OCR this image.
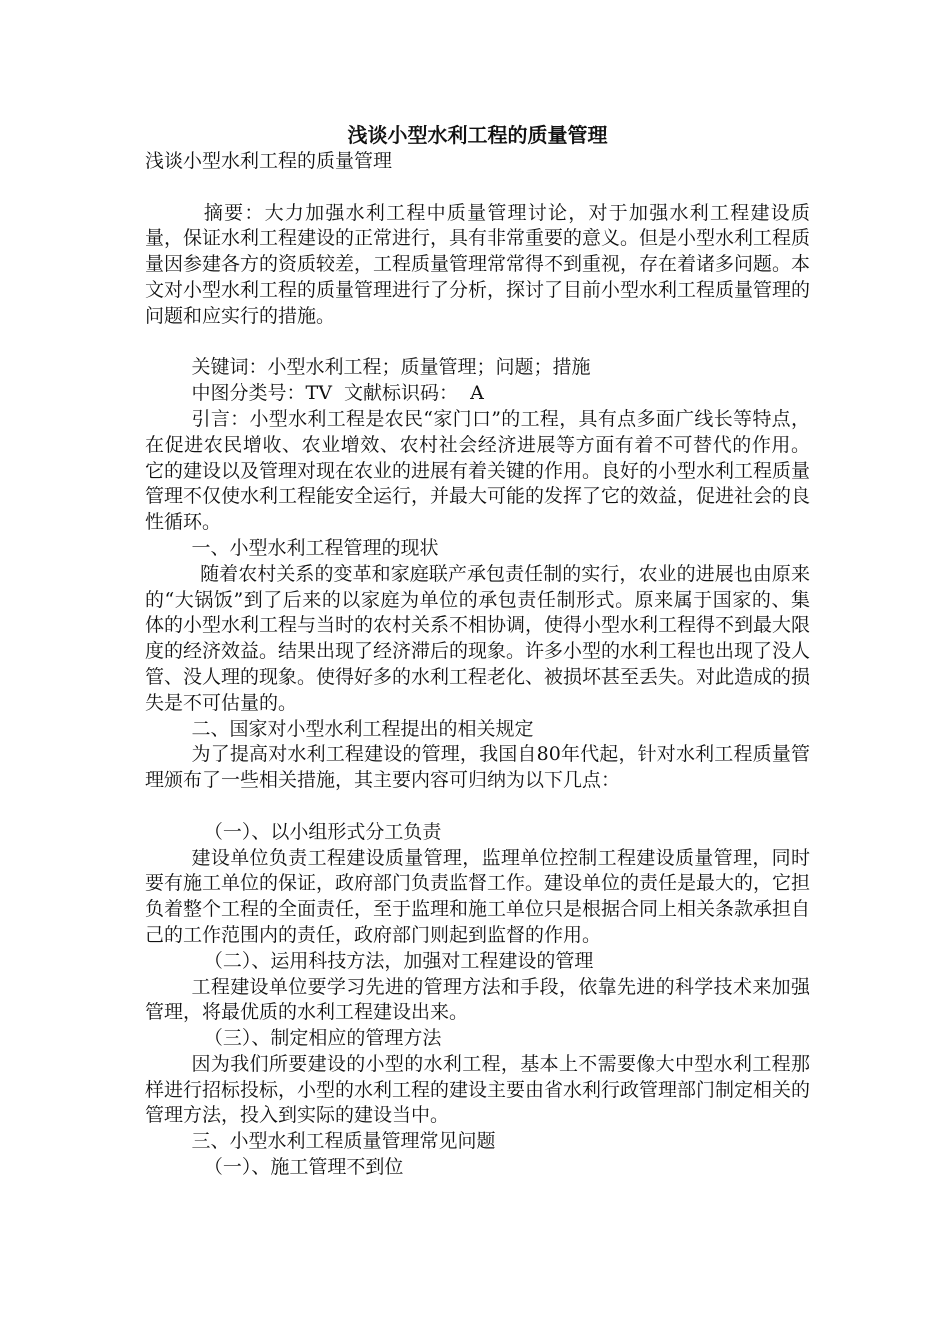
浅谈小型水利工程的质量管理

浅谈小型水利工程的质量管理

摘要：大力加强水利工程中质量管理讨论，对于加强水利工程建设质量，保证水利工程建设的正常进行，具有非常重要的意义。但是小型水利工程质量因参建各方的资质较差，工程质量管理常常得不到重视，存在着诸多问题。本文对小型水利工程的质量管理进行了分析，探讨了目前小型水利工程质量管理的问题和应实行的措施。

关键词：小型水利工程；质量管理；问题；措施

中图分类号：TV  文献标识码：  A

引言：小型水利工程是农民“家门口”的工程，具有点多面广线长等特点，在促进农民增收、农业增效、农村社会经济进展等方面有着不可替代的作用。 它的建设以及管理对现在农业的进展有着关键的作用。良好的小型水利工程质量管理不仅使水利工程能安全运行，并最大可能的发挥了它的效益，促进社会的良性循环。

一、小型水利工程管理的现状

随着农村关系的变革和家庭联产承包责任制的实行，农业的进展也由原来的“大锅饭”到了后来的以家庭为单位的承包责任制形式。原来属于国家的、集体的小型水利工程与当时的农村关系不相协调，使得小型水利工程得不到最大限度的经济效益。结果出现了经济滞后的现象。许多小型的水利工程也出现了没人管、没人理的现象。使得好多的水利工程老化、被损坏甚至丢失。对此造成的损失是不可估量的。

二、国家对小型水利工程提出的相关规定

为了提高对水利工程建设的管理，我国自80年代起，针对水利工程质量管理颁布了一些相关措施，其主要内容可归纳为以下几点：

（一）、以小组形式分工负责

建设单位负责工程建设质量管理，监理单位控制工程建设质量管理，同时要有施工单位的保证，政府部门负责监督工作。建设单位的责任是最大的，它担负着整个工程的全面责任，至于监理和施工单位只是根据合同上相关条款承担自己的工作范围内的责任，政府部门则起到监督的作用。

（二）、运用科技方法，加强对工程建设的管理

工程建设单位要学习先进的管理方法和手段，依靠先进的科学技术来加强管理，将最优质的水利工程建设出来。

（三）、制定相应的管理方法

因为我们所要建设的小型的水利工程，基本上不需要像大中型水利工程那样进行招标投标，小型的水利工程的建设主要由省水利行政管理部门制定相关的管理方法，投入到实际的建设当中。

三、小型水利工程质量管理常见问题

（一）、施工管理不到位
